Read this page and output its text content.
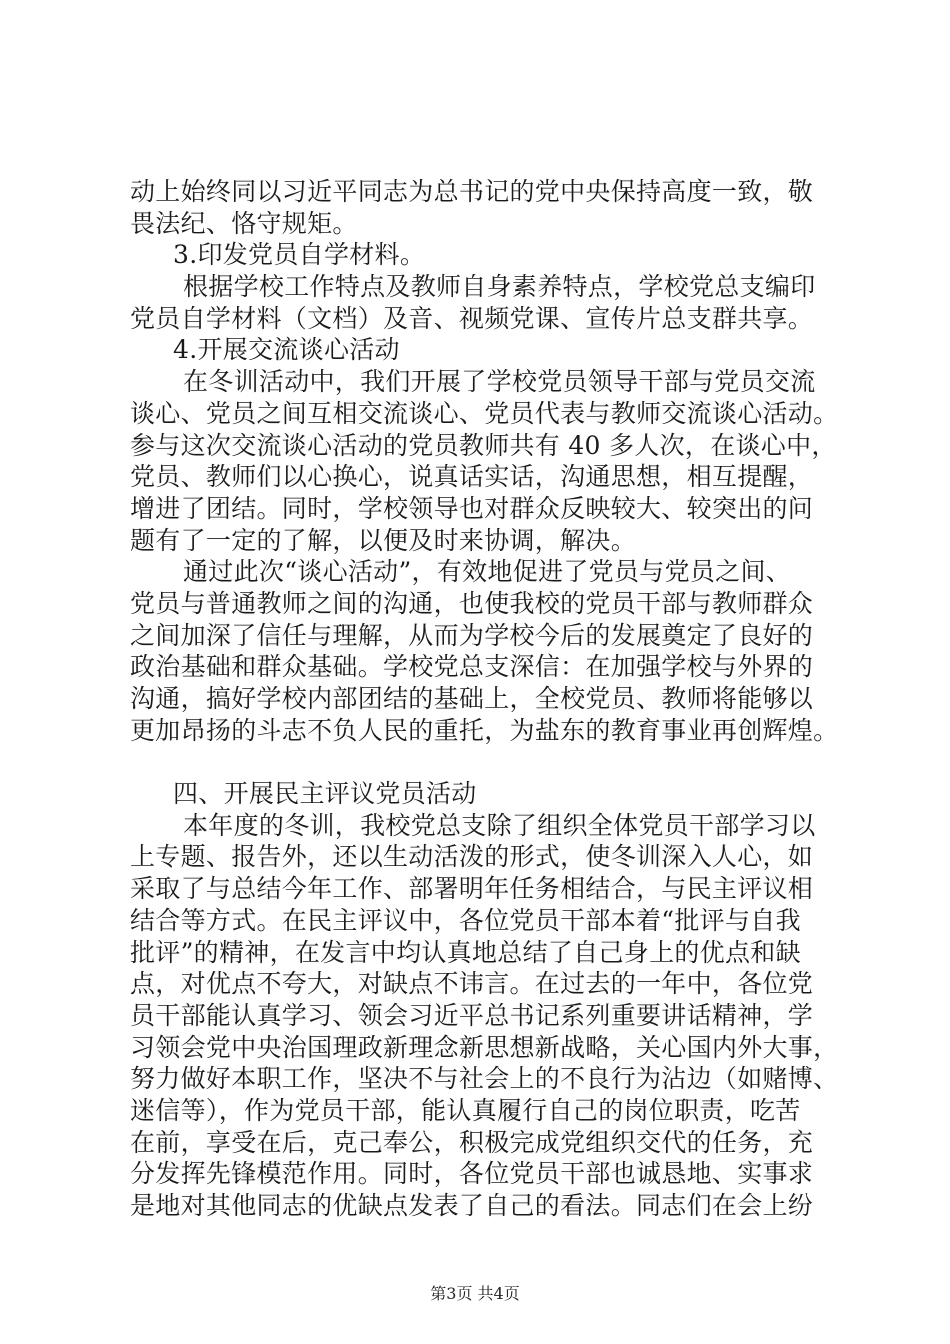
动上始终同以习近平同志为总书记的党中央保持高度一致，敬
畏法纪、恪守规矩。
3.印发党员自学材料。
根据学校工作特点及教师自身素养特点，学校党总支编印
党员自学材料（文档）及音、视频党课、宣传片总支群共享。
4.开展交流谈心活动
在冬训活动中，我们开展了学校党员领导干部与党员交流
谈心、党员之间互相交流谈心、党员代表与教师交流谈心活动。
参与这次交流谈心活动的党员教师共有 40 多人次，在谈心中，
党员、教师们以心换心，说真话实话，沟通思想，相互提醒，
增进了团结。同时，学校领导也对群众反映较大、较突出的问
题有了一定的了解，以便及时来协调，解决。
通过此次“谈心活动”，有效地促进了党员与党员之间、
党员与普通教师之间的沟通，也使我校的党员干部与教师群众
之间加深了信任与理解，从而为学校今后的发展奠定了良好的
政治基础和群众基础。学校党总支深信：在加强学校与外界的
沟通，搞好学校内部团结的基础上，全校党员、教师将能够以
更加昂扬的斗志不负人民的重托，为盐东的教育事业再创辉煌。
四、开展民主评议党员活动
本年度的冬训，我校党总支除了组织全体党员干部学习以
上专题、报告外，还以生动活泼的形式，使冬训深入人心，如
采取了与总结今年工作、部署明年任务相结合，与民主评议相
结合等方式。在民主评议中，各位党员干部本着“批评与自我
批评”的精神，在发言中均认真地总结了自己身上的优点和缺
点，对优点不夸大，对缺点不讳言。在过去的一年中，各位党
员干部能认真学习、领会习近平总书记系列重要讲话精神，学
习领会党中央治国理政新理念新思想新战略，关心国内外大事，
努力做好本职工作，坚决不与社会上的不良行为沾边（如赌博、
迷信等），作为党员干部，能认真履行自己的岗位职责，吃苦
在前，享受在后，克己奉公，积极完成党组织交代的任务，充
分发挥先锋模范作用。同时，各位党员干部也诚恳地、实事求
是地对其他同志的优缺点发表了自己的看法。同志们在会上纷
第3页 共4页
